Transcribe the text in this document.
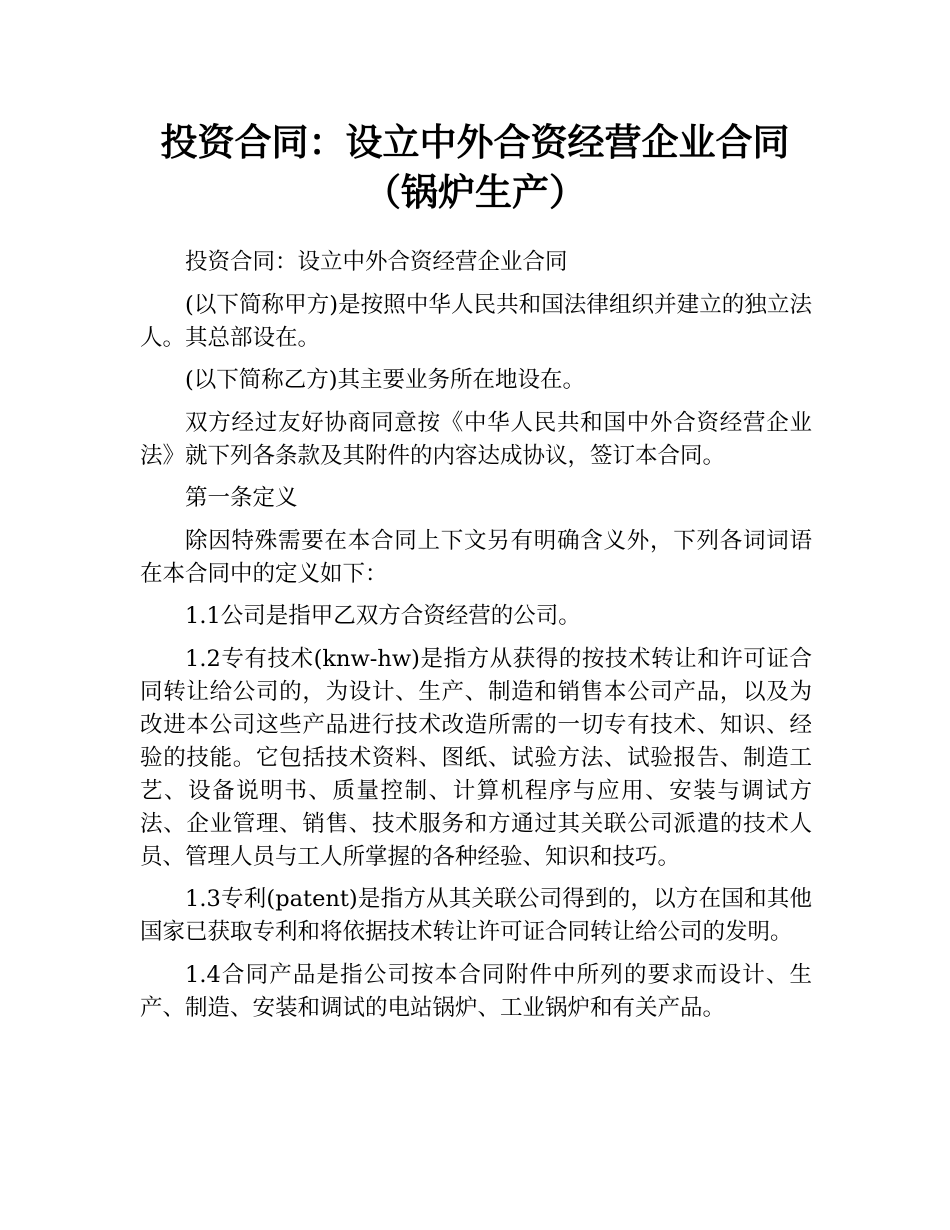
投资合同：设立中外合资经营企业合同
（锅炉生产）

投资合同：设立中外合资经营企业合同

(以下简称甲方)是按照中华人民共和国法律组织并建立的独立法人。其总部设在。

(以下简称乙方)其主要业务所在地设在。

双方经过友好协商同意按《中华人民共和国中外合资经营企业法》就下列各条款及其附件的内容达成协议，签订本合同。

第一条定义

除因特殊需要在本合同上下文另有明确含义外，下列各词词语在本合同中的定义如下：

1.1公司是指甲乙双方合资经营的公司。

1.2专有技术(knw-hw)是指方从获得的按技术转让和许可证合同转让给公司的，为设计、生产、制造和销售本公司产品，以及为改进本公司这些产品进行技术改造所需的一切专有技术、知识、经验的技能。它包括技术资料、图纸、试验方法、试验报告、制造工艺、设备说明书、质量控制、计算机程序与应用、安装与调试方法、企业管理、销售、技术服务和方通过其关联公司派遣的技术人员、管理人员与工人所掌握的各种经验、知识和技巧。

1.3专利(patent)是指方从其关联公司得到的，以方在国和其他国家已获取专利和将依据技术转让许可证合同转让给公司的发明。

1.4合同产品是指公司按本合同附件中所列的要求而设计、生产、制造、安装和调试的电站锅炉、工业锅炉和有关产品。
